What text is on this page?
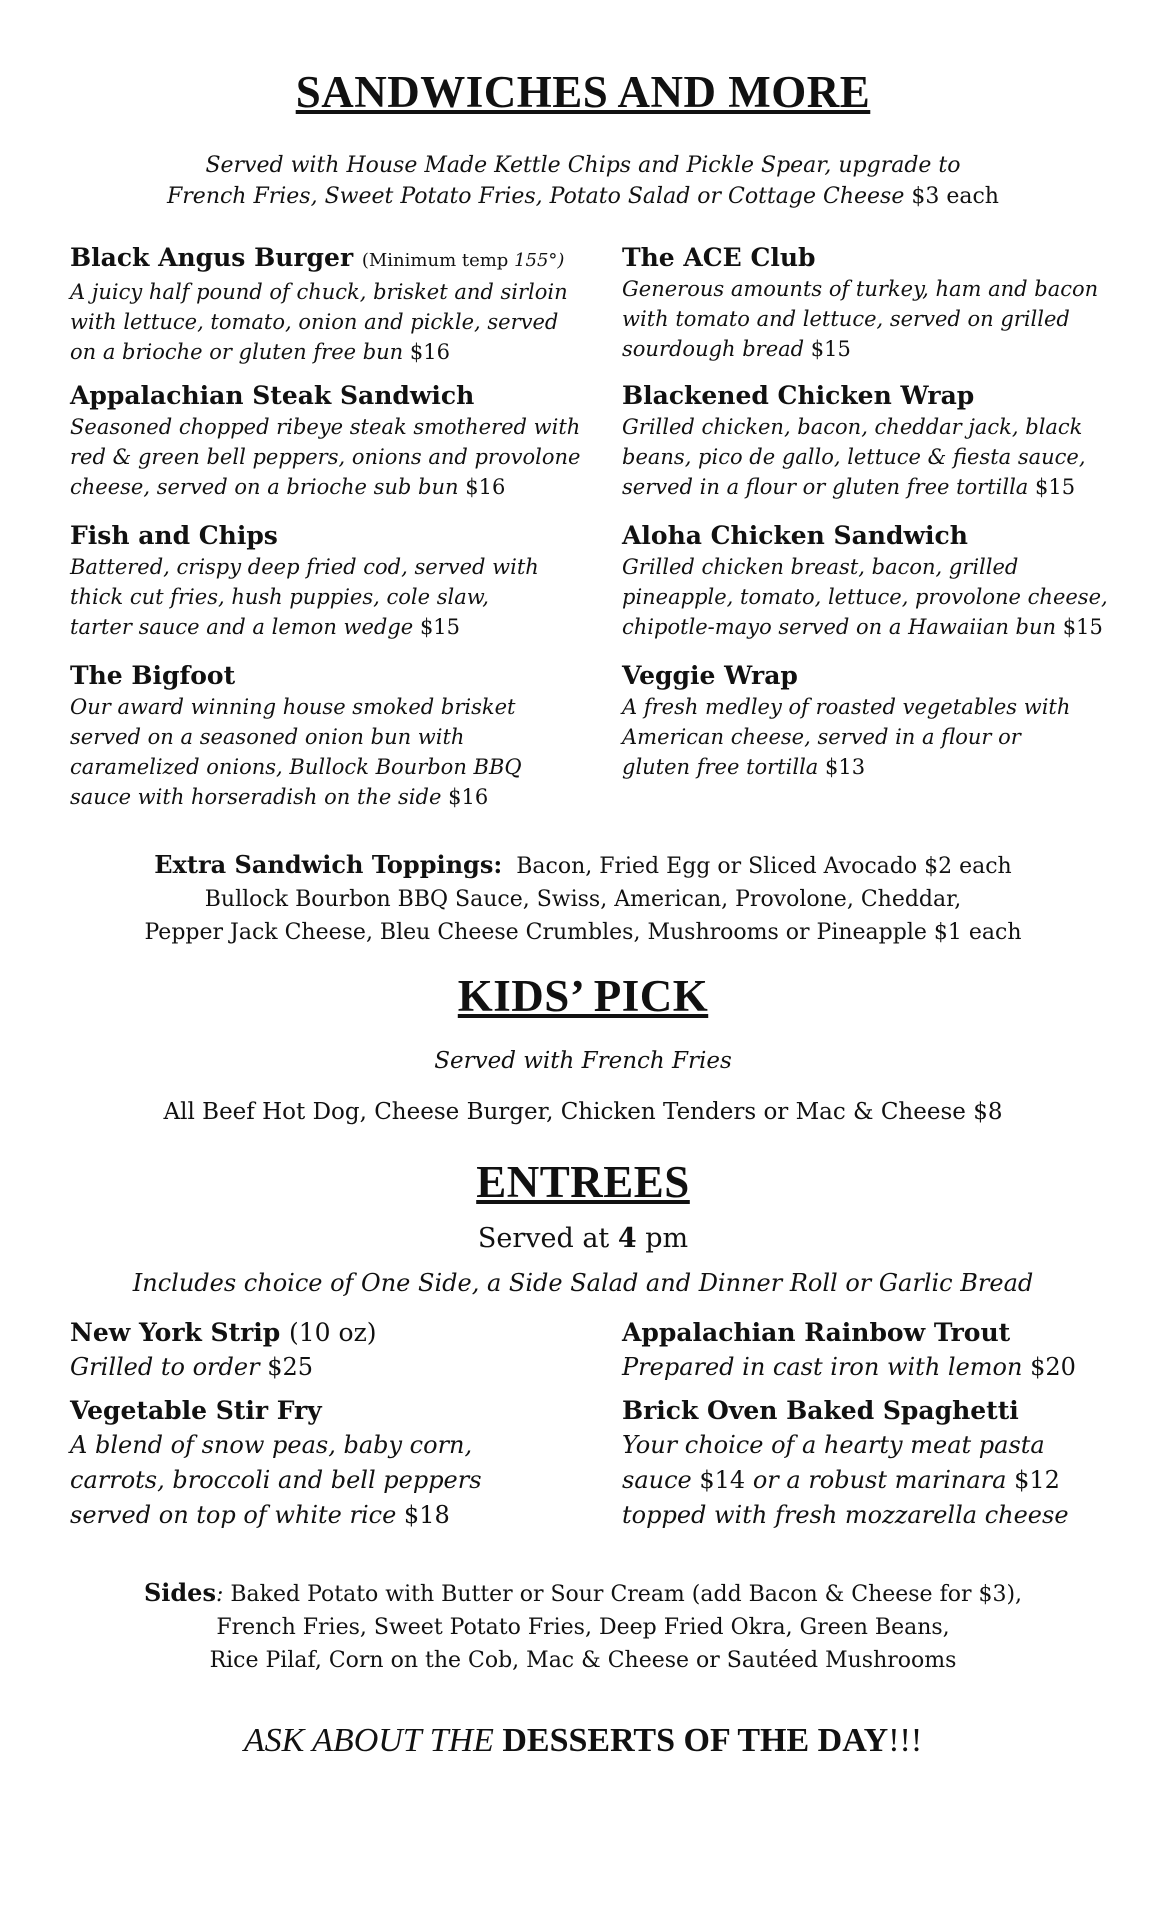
SANDWICHES AND MORE
Served with House Made Kettle Chips and Pickle Spear, upgrade to
French Fries, Sweet Potato Fries, Potato Salad or Cottage Cheese $3 each
Black Angus Burger (Minimum temp 155°)
A juicy half pound of chuck, brisket and sirloin
with lettuce, tomato, onion and pickle, served
on a brioche or gluten free bun $16
Appalachian Steak Sandwich
Seasoned chopped ribeye steak smothered with
red & green bell peppers, onions and provolone
cheese, served on a brioche sub bun $16
Fish and Chips
Battered, crispy deep fried cod, served with
thick cut fries, hush puppies, cole slaw,
tarter sauce and a lemon wedge $15
The Bigfoot
Our award winning house smoked brisket
served on a seasoned onion bun with
caramelized onions, Bullock Bourbon BBQ
sauce with horseradish on the side $16
The ACE Club
Generous amounts of turkey, ham and bacon
with tomato and lettuce, served on grilled
sourdough bread $15
Blackened Chicken Wrap
Grilled chicken, bacon, cheddar jack, black
beans, pico de gallo, lettuce & fiesta sauce,
served in a flour or gluten free tortilla $15
Aloha Chicken Sandwich
Grilled chicken breast, bacon, grilled
pineapple, tomato, lettuce, provolone cheese,
chipotle-mayo served on a Hawaiian bun $15
Veggie Wrap
A fresh medley of roasted vegetables with
American cheese, served in a flour or
gluten free tortilla $13
Extra Sandwich Toppings: Bacon, Fried Egg or Sliced Avocado $2 each
Bullock Bourbon BBQ Sauce, Swiss, American, Provolone, Cheddar,
Pepper Jack Cheese, Bleu Cheese Crumbles, Mushrooms or Pineapple $1 each
KIDS’ PICK
Served with French Fries
All Beef Hot Dog, Cheese Burger, Chicken Tenders or Mac & Cheese $8
ENTREES
Served at 4 pm
Includes choice of One Side, a Side Salad and Dinner Roll or Garlic Bread
New York Strip (10 oz)
Grilled to order $25
Vegetable Stir Fry
A blend of snow peas, baby corn,
carrots, broccoli and bell peppers
served on top of white rice $18
Appalachian Rainbow Trout
Prepared in cast iron with lemon $20
Brick Oven Baked Spaghetti
Your choice of a hearty meat pasta
sauce $14 or a robust marinara $12
topped with fresh mozzarella cheese
Sides: Baked Potato with Butter or Sour Cream (add Bacon & Cheese for $3),
French Fries, Sweet Potato Fries, Deep Fried Okra, Green Beans,
Rice Pilaf, Corn on the Cob, Mac & Cheese or Sautéed Mushrooms
ASK ABOUT THE DESSERTS OF THE DAY!!!
